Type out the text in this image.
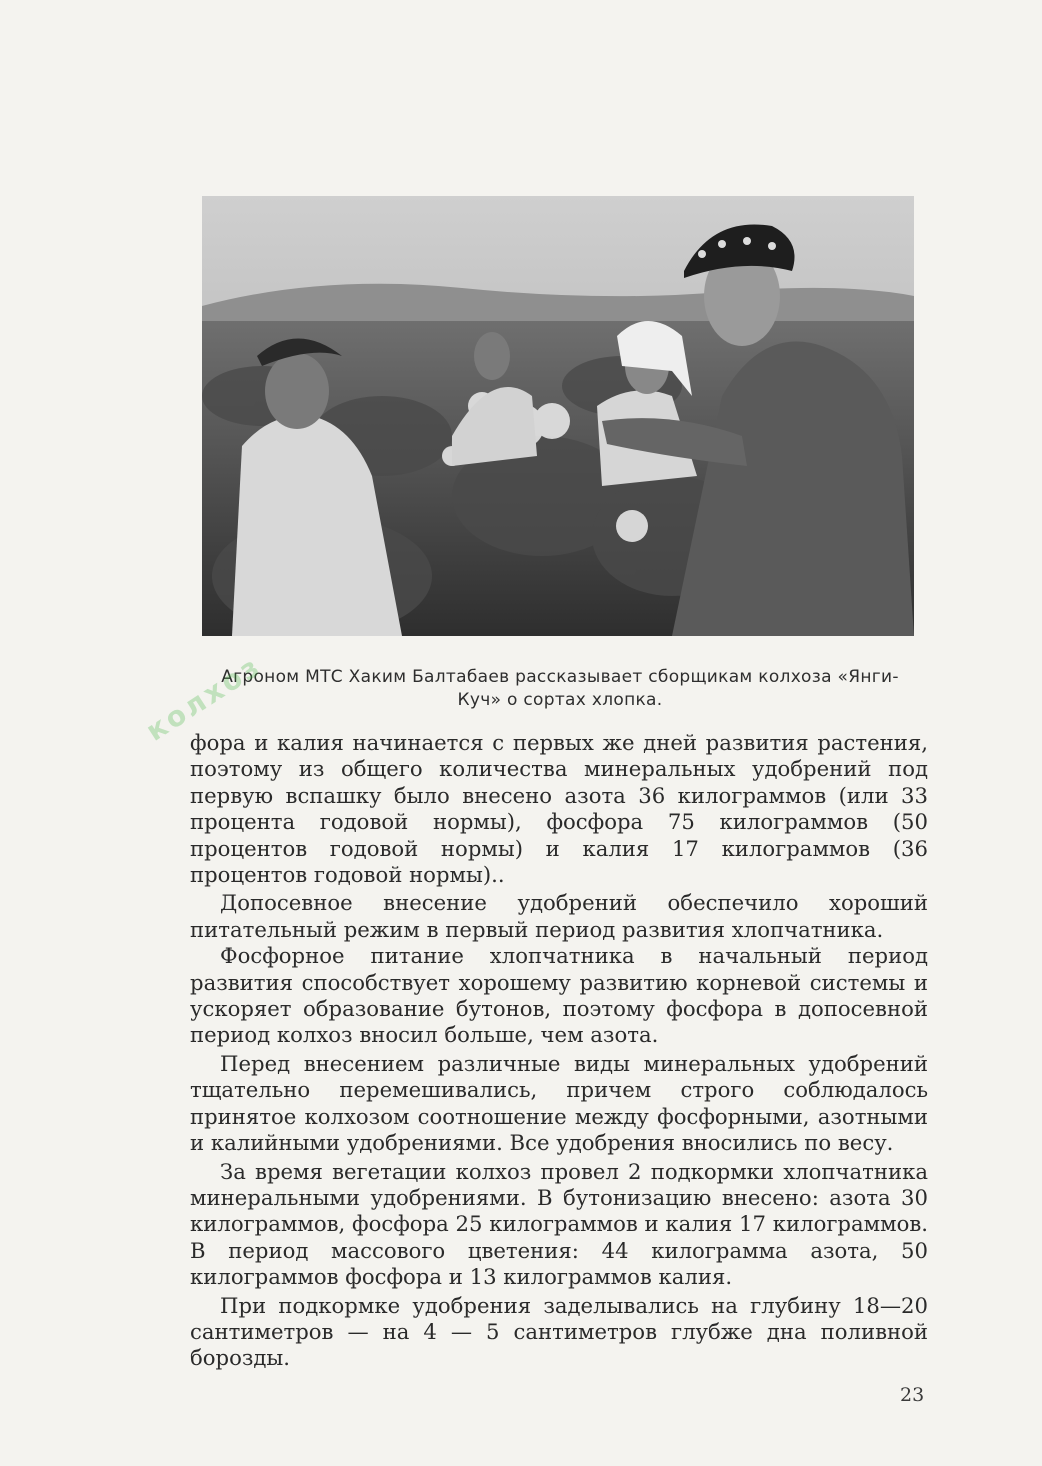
Агроном МТС Хаким Балтабаев рассказывает сборщикам колхоза «Янги-
Куч» о сортах хлопка.

фора и калия начинается с первых же дней развития растения, поэтому из общего количества минеральных удобрений под первую вспашку было внесено азота 36 килограммов (или 33 процента годовой нормы), фосфора 75 килограммов (50 процентов годовой нормы) и калия 17 килограммов (36 процентов годовой нормы)..

Допосевное внесение удобрений обеспечило хороший питательный режим в первый период развития хлопчатника.

Фосфорное питание хлопчатника в начальный период развития способствует хорошему развитию корневой системы и ускоряет образование бутонов, поэтому фосфора в допосевной период колхоз вносил больше, чем азота.

Перед внесением различные виды минеральных удобрений тщательно перемешивались, причем строго соблюдалось принятое колхозом соотношение между фосфорными, азотными и калийными удобрениями. Все удобрения вносились по весу.

За время вегетации колхоз провел 2 подкормки хлопчатника минеральными удобрениями. В бутонизацию внесено: азота 30 килограммов, фосфора 25 килограммов и калия 17 килограммов. В период массового цветения: 44 килограмма азота, 50 килограммов фосфора и 13 килограммов калия.

При подкормке удобрения заделывались на глубину 18—20 сантиметров — на 4 — 5 сантиметров глубже дна поливной борозды.

колхоз
23
